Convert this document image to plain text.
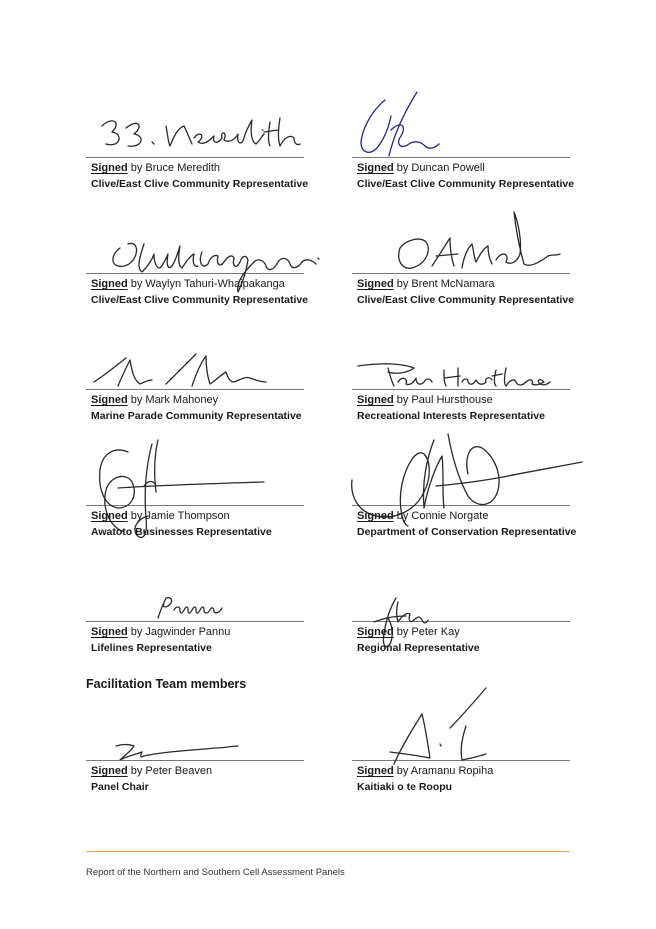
Signed by Bruce Meredith
Clive/East Clive Community Representative
Signed by Duncan Powell
Clive/East Clive Community Representative
Signed by Waylyn Tahuri-Whaipakanga
Clive/East Clive Community Representative
Signed by Brent McNamara
Clive/East Clive Community Representative
Signed by Mark Mahoney
Marine Parade Community Representative
Signed by Paul Hursthouse
Recreational Interests Representative
Signed by Jamie Thompson
Awatoto Businesses Representative
Signed by Connie Norgate
Department of Conservation Representative
Signed by Jagwinder Pannu
Lifelines Representative
Signed by Peter Kay
Regional Representative
Facilitation Team members
Signed by Peter Beaven
Panel Chair
Signed by Aramanu Ropiha
Kaitiaki o te Roopu
Report of the Northern and Southern Cell Assessment Panels
